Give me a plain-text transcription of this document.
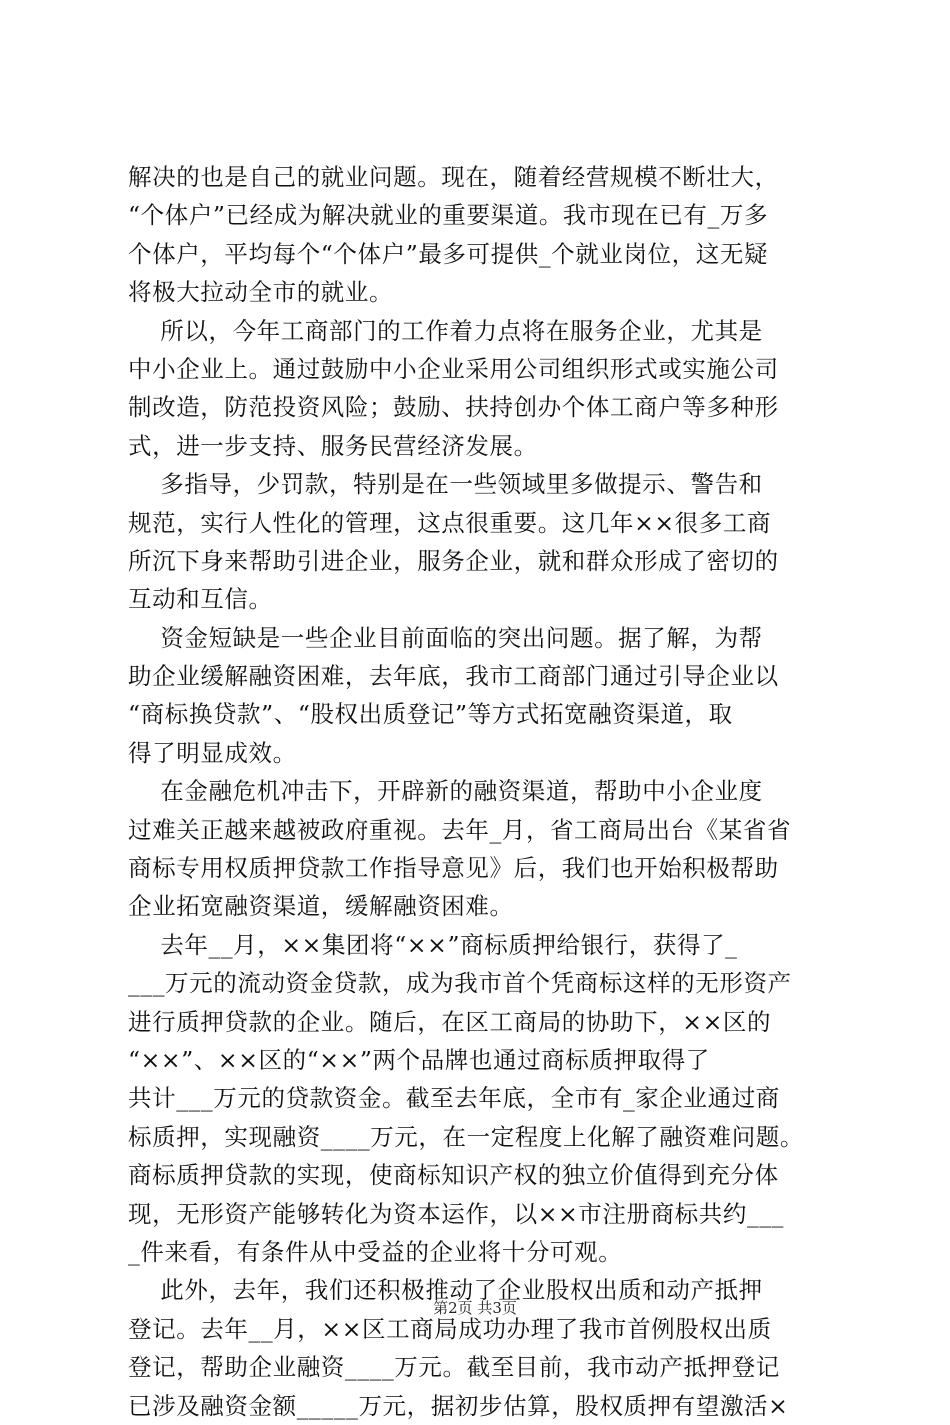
解决的也是自己的就业问题。现在，随着经营规模不断壮大，
“个体户”已经成为解决就业的重要渠道。我市现在已有_万多
个体户，平均每个“个体户”最多可提供_个就业岗位，这无疑
将极大拉动全市的就业。
所以，今年工商部门的工作着力点将在服务企业，尤其是
中小企业上。通过鼓励中小企业采用公司组织形式或实施公司
制改造，防范投资风险；鼓励、扶持创办个体工商户等多种形
式，进一步支持、服务民营经济发展。
多指导，少罚款，特别是在一些领域里多做提示、警告和
规范，实行人性化的管理，这点很重要。这几年××很多工商
所沉下身来帮助引进企业，服务企业，就和群众形成了密切的
互动和互信。
资金短缺是一些企业目前面临的突出问题。据了解，为帮
助企业缓解融资困难，去年底，我市工商部门通过引导企业以
“商标换贷款”、“股权出质登记”等方式拓宽融资渠道，取
得了明显成效。
在金融危机冲击下，开辟新的融资渠道，帮助中小企业度
过难关正越来越被政府重视。去年_月，省工商局出台《某省省
商标专用权质押贷款工作指导意见》后，我们也开始积极帮助
企业拓宽融资渠道，缓解融资困难。
去年__月，××集团将“××”商标质押给银行，获得了_
___万元的流动资金贷款，成为我市首个凭商标这样的无形资产
进行质押贷款的企业。随后，在区工商局的协助下，××区的
“××”、××区的“××”两个品牌也通过商标质押取得了
共计___万元的贷款资金。截至去年底，全市有_家企业通过商
标质押，实现融资____万元，在一定程度上化解了融资难问题。
商标质押贷款的实现，使商标知识产权的独立价值得到充分体
现，无形资产能够转化为资本运作，以××市注册商标共约___
_件来看，有条件从中受益的企业将十分可观。
此外，去年，我们还积极推动了企业股权出质和动产抵押
登记。去年__月，××区工商局成功办理了我市首例股权出质
登记，帮助企业融资____万元。截至目前，我市动产抵押登记
已涉及融资金额_____万元，据初步估算，股权质押有望激活×
第2页 共3页
